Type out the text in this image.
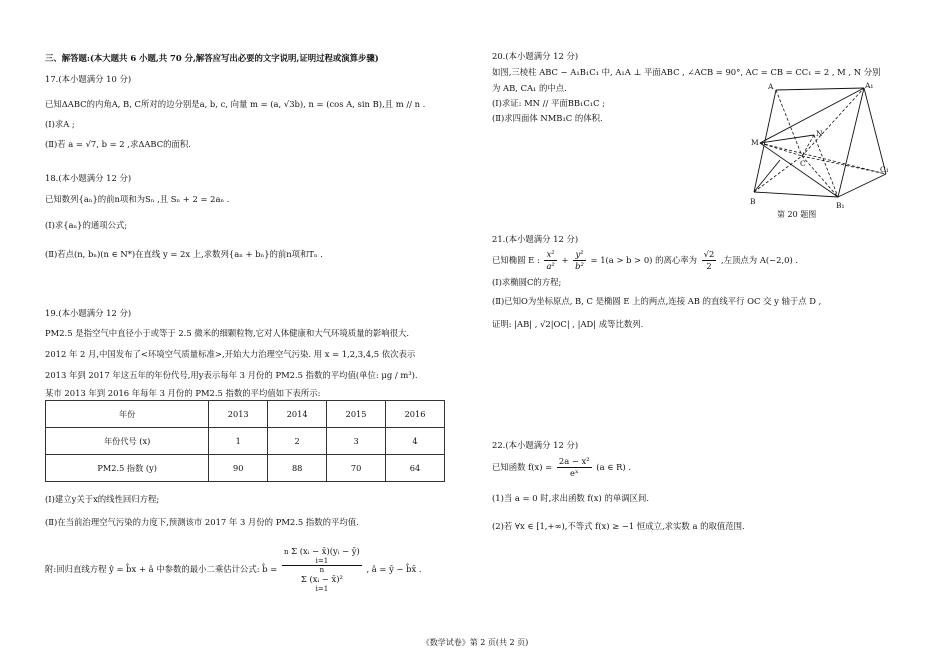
三、解答题:(本大题共 6 小题,共 70 分,解答应写出必要的文字说明,证明过程或演算步骤)
17.(本小题满分 10 分)
已知ΔABC的内角A, B, C所对的边分别是a, b, c, 向量 m = (a, √3b), n = (cos A, sin B),且 m // n .
(Ⅰ)求A ;
(Ⅱ)若 a = √7, b = 2 ,求ΔABC的面积.
18.(本小题满分 12 分)
已知数列{aₙ}的前n项和为Sₙ ,且 Sₙ + 2 = 2aₙ .
(Ⅰ)求{aₙ}的通项公式;
(Ⅱ)若点(n, bₙ)(n ∈ N*)在直线 y = 2x 上,求数列{aₙ + bₙ}的前n项和Tₙ .
19.(本小题满分 12 分)
PM2.5 是指空气中直径小于或等于 2.5 微米的细颗粒物,它对人体健康和大气环境质量的影响很大.
2012 年 2 月,中国发布了<环境空气质量标准>,开始大力治理空气污染. 用 x = 1,2,3,4,5 依次表示
2013 年到 2017 年这五年的年份代号,用y表示每年 3 月份的 PM2.5 指数的平均值(单位: μg / m³).
某市 2013 年到 2016 年每年 3 月份的 PM2.5 指数的平均值如下表所示:
年份	2013	2014	2015	2016
年份代号 (x)	1	2	3	4
PM2.5 指数 (y)	90	88	70	64
(Ⅰ)建立y关于x的线性回归方程;
(Ⅱ)在当前治理空气污染的力度下,预测该市 2017 年 3 月份的 PM2.5 指数的平均值.
附:回归直线方程 ŷ = b̂x + â 中参数的最小二乘估计公式: b̂ = n Σ (xᵢ − x̄)(yᵢ − ȳ)
i=1
n
Σ (xᵢ − x̄)²
i=1 , â = ȳ − b̂x̄ .
20.(本小题满分 12 分)
如图,三棱柱 ABC − A₁B₁C₁ 中, A₁A ⊥ 平面ABC , ∠ACB = 90°, AC = CB = CC₁ = 2 , M , N 分别
为 AB, CA₁ 的中点.
(Ⅰ)求证: MN // 平面BB₁C₁C ;
(Ⅱ)求四面体 NMB₁C 的体积.
A	A₁
N
M
C
C₁
B	B₁
第 20 题图
21.(本小题满分 12 分)
已知椭圆 E : $\frac{\text{x²}}{\text{a²}} + \frac{\text{y²}}{\text{b²}} = 1(a > b > 0)$ 的离心率为 $\frac{√2}{2}$ ,左顶点为 A(−2,0) .
(Ⅰ)求椭圆C的方程;
(Ⅱ)已知O为坐标原点, B, C 是椭圆 E 上的两点,连接 AB 的直线平行 OC 交 y 轴于点 D ,
证明: |AB| , √2|OC| , |AD| 成等比数列.
22.(本小题满分 12 分)
已知函数 $f(x) = \frac{\text{2a − x²}}{\text{eˣ}} (a$ ∈ R) .
(1)当 a = 0 时,求出函数 f(x) 的单调区间.
(2)若 ∀x ∈ [1,+∞),不等式 f(x) ≥ −1 恒成立,求实数 a 的取值范围.
《数学试卷》第 2 页(共 2 页)
